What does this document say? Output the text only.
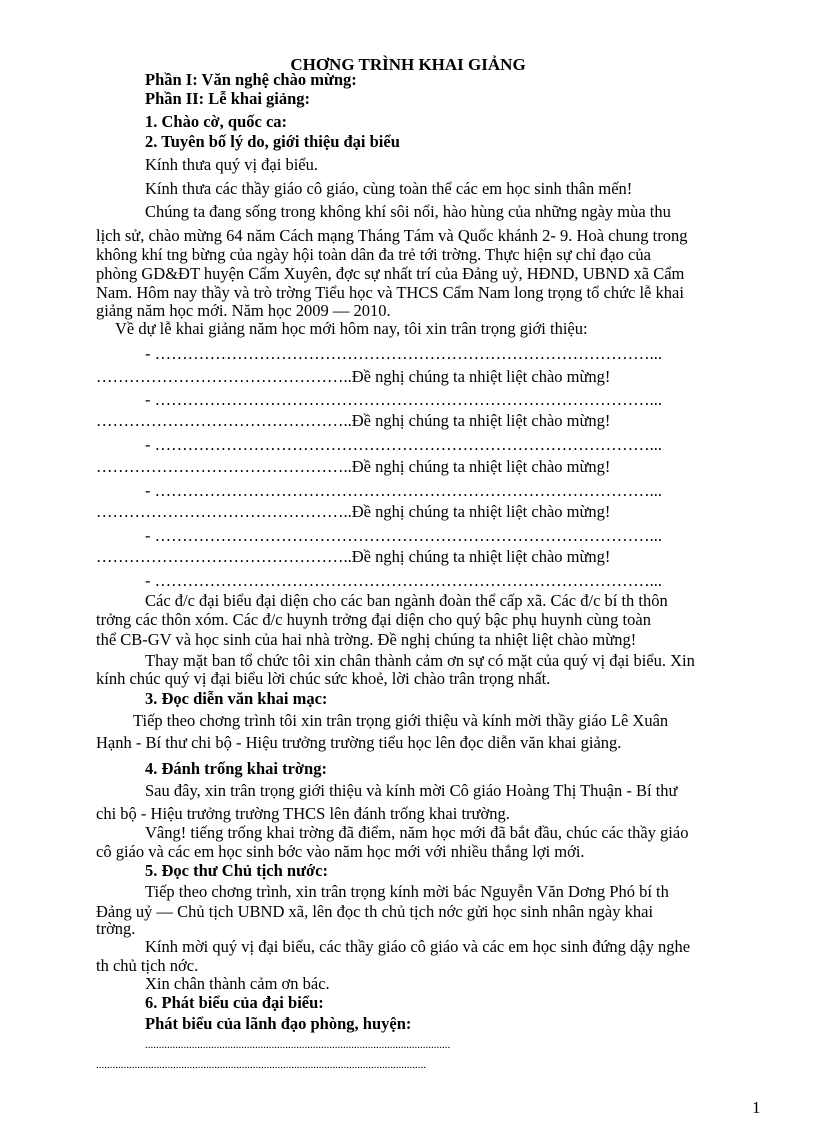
CHƠNG TRÌNH KHAI GIẢNG
Phần I: Văn nghệ chào mừng:
Phần II: Lễ khai giảng:
1. Chào cờ, quốc ca:
2. Tuyên bố lý do, giới thiệu đại biểu
Kính thưa quý vị đại biểu.
Kính thưa các thầy giáo cô giáo, cùng toàn thể các em học sinh thân mến!
Chúng ta đang sống trong không khí sôi nổi, hào hùng của những ngày mùa thu
lịch sử, chào mừng 64 năm Cách mạng Tháng Tám và Quốc khánh 2- 9. Hoà chung trong
không khí tng bừng của ngày hội toàn dân đa trẻ tới trờng. Thực hiện sự chỉ đạo của
phòng GD&ĐT huyện Cẩm Xuyên, đợc sự nhất trí của Đảng uỷ, HĐND, UBND xã Cẩm
Nam. Hôm nay thầy và trò trờng Tiểu học và THCS Cẩm Nam long trọng tổ chức lễ khai
giảng năm học mới. Năm học 2009 — 2010.
Về dự lễ khai giảng năm học mới hôm nay, tôi xin trân trọng giới thiệu:
- ………………………………………………………………………………...
………………………………………..Đề nghị chúng ta nhiệt liệt chào mừng!
- ………………………………………………………………………………...
………………………………………..Đề nghị chúng ta nhiệt liệt chào mừng!
- ………………………………………………………………………………...
………………………………………..Đề nghị chúng ta nhiệt liệt chào mừng!
- ………………………………………………………………………………...
………………………………………..Đề nghị chúng ta nhiệt liệt chào mừng!
- ………………………………………………………………………………...
………………………………………..Đề nghị chúng ta nhiệt liệt chào mừng!
- ………………………………………………………………………………...
Các đ/c đại biểu đại diện cho các ban ngành đoàn thể cấp xã. Các đ/c bí th thôn
trởng các thôn xóm. Các đ/c huynh trởng đại diện cho quý bậc phụ huynh cùng toàn
thể CB-GV và học sinh của hai nhà trờng. Đề nghị chúng ta nhiệt liệt chào mừng!
Thay mặt ban tổ chức tôi xin chân thành cảm ơn sự có mặt của quý vị đại biểu. Xin
kính chúc quý vị đại biểu lời chúc sức khoẻ, lời chào trân trọng nhất.
3. Đọc diễn văn khai mạc:
Tiếp theo chơng trình tôi xin trân trọng giới thiệu và kính mời thầy giáo Lê Xuân
Hạnh - Bí thư chi bộ - Hiệu trưởng trường tiểu học lên đọc diễn văn khai giảng.
4. Đánh trống khai trờng:
Sau đây, xin trân trọng giới thiệu và kính mời Cô giáo Hoàng Thị Thuận - Bí thư
chi bộ - Hiệu trưởng trường THCS lên đánh trống khai trường.
Vâng! tiếng trống khai trờng đã điểm, năm học mới đã bắt đầu, chúc các thầy giáo
cô giáo và các em học sinh bớc vào năm học mới với nhiều thắng lợi mới.
5. Đọc thư Chủ tịch nước:
Tiếp theo chơng trình, xin trân trọng kính mời bác Nguyễn Văn Dơng Phó bí th
Đảng uỷ — Chủ tịch UBND xã, lên đọc th chủ tịch nớc gửi học sinh nhân ngày khai
trờng.
Kính mời quý vị đại biểu, các thầy giáo cô giáo và các em học sinh đứng dậy nghe
th chủ tịch nớc.
Xin chân thành cảm ơn bác.
6. Phát biểu của đại biểu:
Phát biểu của lãnh đạo phòng, huyện:
...............................................................................................................
........................................................................................................................
1
